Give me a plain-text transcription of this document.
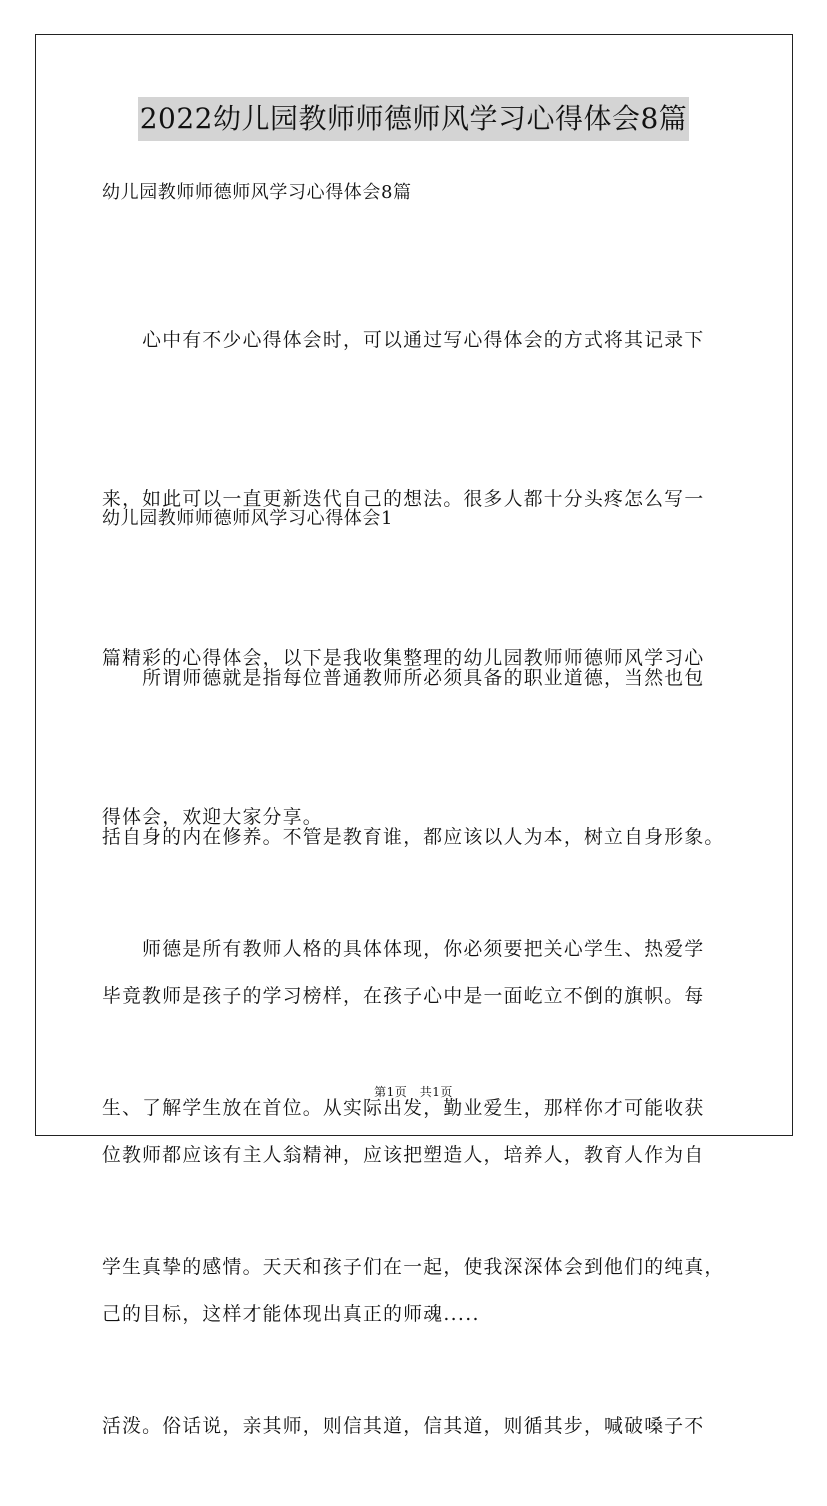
2022幼儿园教师师德师风学习心得体会8篇
幼儿园教师师德师风学习心得体会8篇

　　心中有不少心得体会时，可以通过写心得体会的方式将其记录下

来，如此可以一直更新迭代自己的想法。很多人都十分头疼怎么写一

篇精彩的心得体会，以下是我收集整理的幼儿园教师师德师风学习心

得体会，欢迎大家分享。

幼儿园教师师德师风学习心得体会1

　　所谓师德就是指每位普通教师所必须具备的职业道德，当然也包

括自身的内在修养。不管是教育谁，都应该以人为本，树立自身形象。

毕竟教师是孩子的学习榜样，在孩子心中是一面屹立不倒的旗帜。每

位教师都应该有主人翁精神，应该把塑造人，培养人，教育人作为自

己的目标，这样才能体现出真正的师魂.....

　　师德是所有教师人格的具体体现，你必须要把关心学生、热爱学

生、了解学生放在首位。从实际出发，勤业爱生，那样你才可能收获

学生真挚的感情。天天和孩子们在一起，使我深深体会到他们的纯真，

活泼。俗话说，亲其师，则信其道，信其道，则循其步，喊破嗓子不

第1页　共1页
